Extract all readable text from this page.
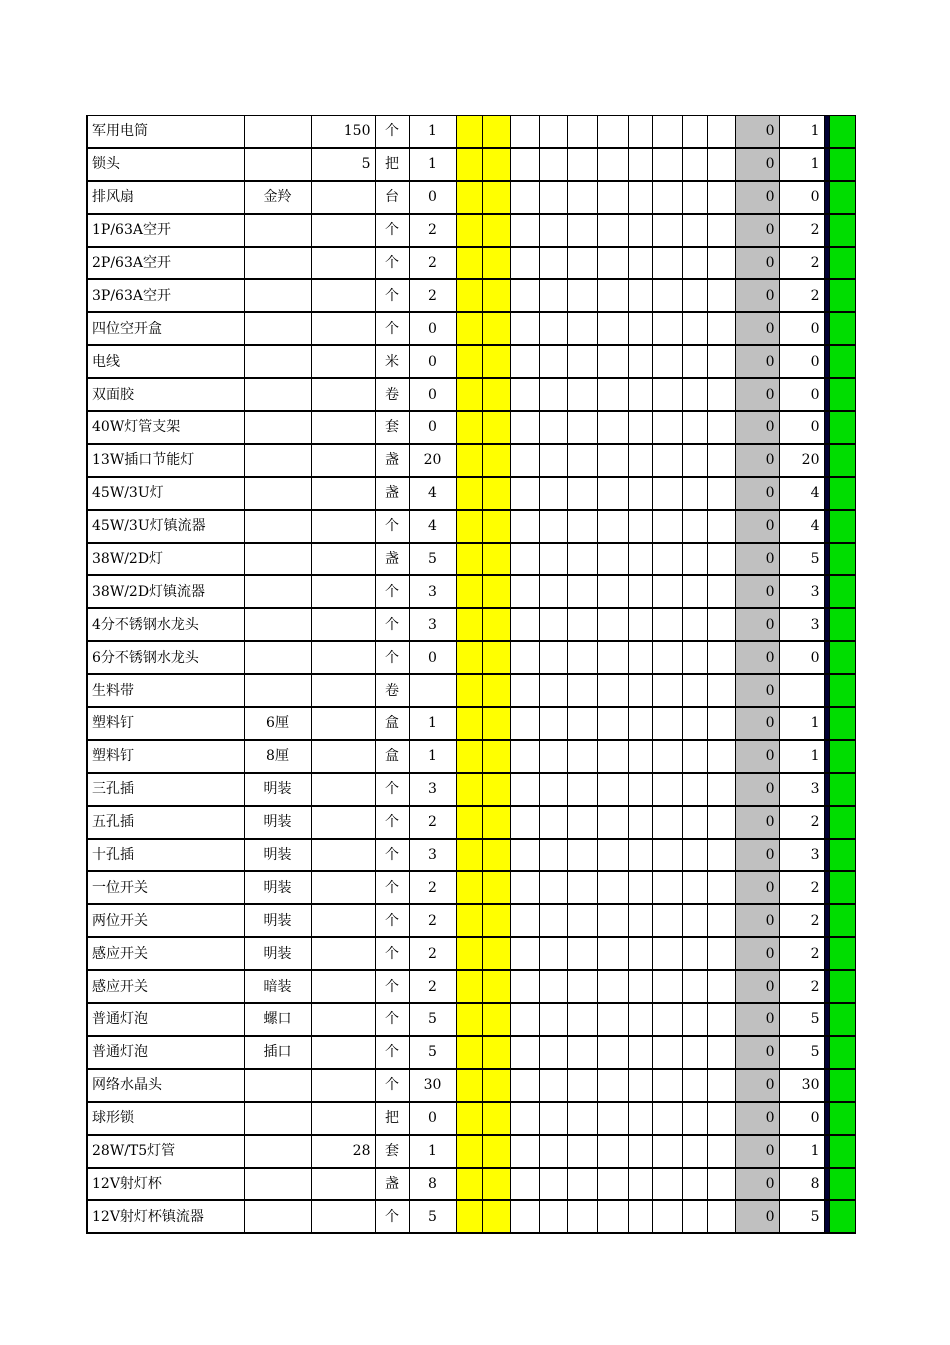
军用电筒		150	个	1											0	1		
锁头		5	把	1											0	1		
排风扇	金羚		台	0											0	0		
1P/63A空开			个	2											0	2		
2P/63A空开			个	2											0	2		
3P/63A空开			个	2											0	2		
四位空开盒			个	0											0	0		
电线			米	0											0	0		
双面胶			卷	0											0	0		
40W灯管支架			套	0											0	0		
13W插口节能灯			盏	20											0	20		
45W/3U灯			盏	4											0	4		
45W/3U灯镇流器			个	4											0	4		
38W/2D灯			盏	5											0	5		
38W/2D灯镇流器			个	3											0	3		
4分不锈钢水龙头			个	3											0	3		
6分不锈钢水龙头			个	0											0	0		
生料带			卷												0			
塑料钉	6厘		盒	1											0	1		
塑料钉	8厘		盒	1											0	1		
三孔插	明装		个	3											0	3		
五孔插	明装		个	2											0	2		
十孔插	明装		个	3											0	3		
一位开关	明装		个	2											0	2		
两位开关	明装		个	2											0	2		
感应开关	明装		个	2											0	2		
感应开关	暗装		个	2											0	2		
普通灯泡	螺口		个	5											0	5		
普通灯泡	插口		个	5											0	5		
网络水晶头			个	30											0	30		
球形锁			把	0											0	0		
28W/T5灯管		28	套	1											0	1		
12V射灯杯			盏	8											0	8		
12V射灯杯镇流器			个	5											0	5		
